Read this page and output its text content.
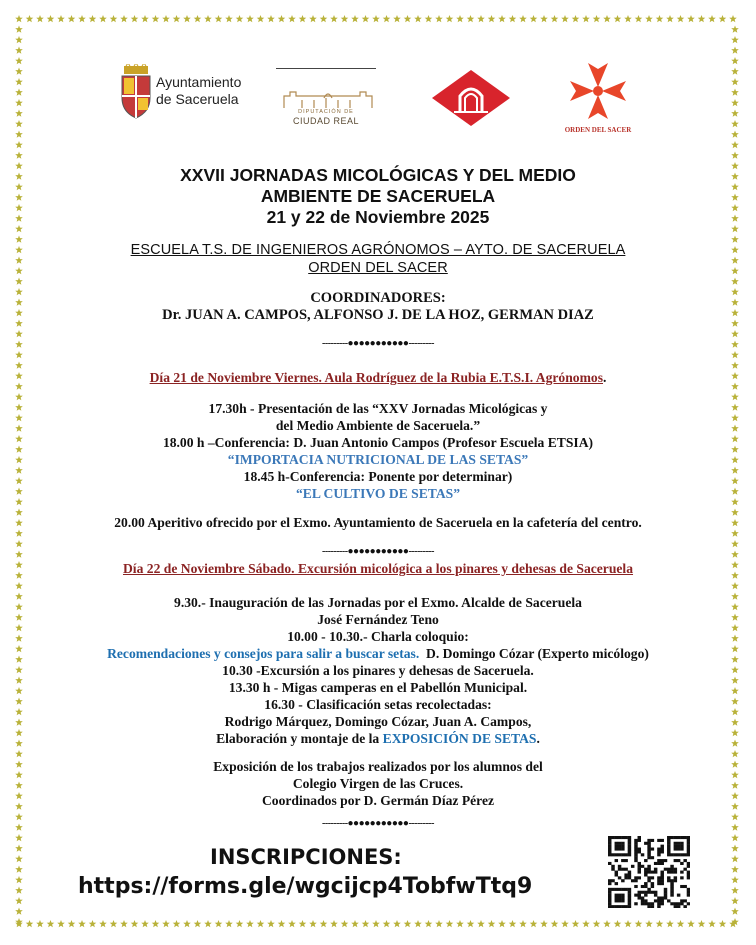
Ayuntamiento
de Saceruela
DIPUTACIÓN DE
CIUDAD REAL
ORDEN DEL SACER
XXVII JORNADAS MICOLÓGICAS Y DEL MEDIO
AMBIENTE DE SACERUELA
21 y 22 de Noviembre 2025
ESCUELA T.S. DE INGENIEROS AGRÓNOMOS – AYTO. DE SACERUELA
ORDEN DEL SACER
COORDINADORES:
Dr. JUAN A. CAMPOS, ALFONSO J. DE LA HOZ, GERMAN DIAZ
---------●●●●●●●●●●●---------
Día 21 de Noviembre Viernes. Aula Rodríguez de la Rubia E.T.S.I. Agrónomos.
17.30h - Presentación de las “XXV Jornadas Micológicas y
del Medio Ambiente de Saceruela.”
18.00 h –Conferencia: D. Juan Antonio Campos (Profesor Escuela ETSIA)
“IMPORTACIA NUTRICIONAL DE LAS SETAS”
18.45 h-Conferencia: Ponente por determinar)
“EL CULTIVO DE SETAS”
20.00 Aperitivo ofrecido por el Exmo. Ayuntamiento de Saceruela en la cafetería del centro.
---------●●●●●●●●●●●---------
Día 22 de Noviembre Sábado. Excursión micológica a los pinares y dehesas de Saceruela
9.30.- Inauguración de las Jornadas por el Exmo. Alcalde de Saceruela
José Fernández Teno
10.00 - 10.30.- Charla coloquio:
Recomendaciones y consejos para salir a buscar setas. D. Domingo Cózar (Experto micólogo)
10.30 -Excursión a los pinares y dehesas de Saceruela.
13.30 h - Migas camperas en el Pabellón Municipal.
16.30 - Clasificación setas recolectadas:
Rodrigo Márquez, Domingo Cózar, Juan A. Campos,
Elaboración y montaje de la EXPOSICIÓN DE SETAS.
Exposición de los trabajos realizados por los alumnos del
Colegio Virgen de las Cruces.
Coordinados por D. Germán Díaz Pérez
---------●●●●●●●●●●●---------
INSCRIPCIONES:
https://forms.gle/wgcijcp4TobfwTtq9
